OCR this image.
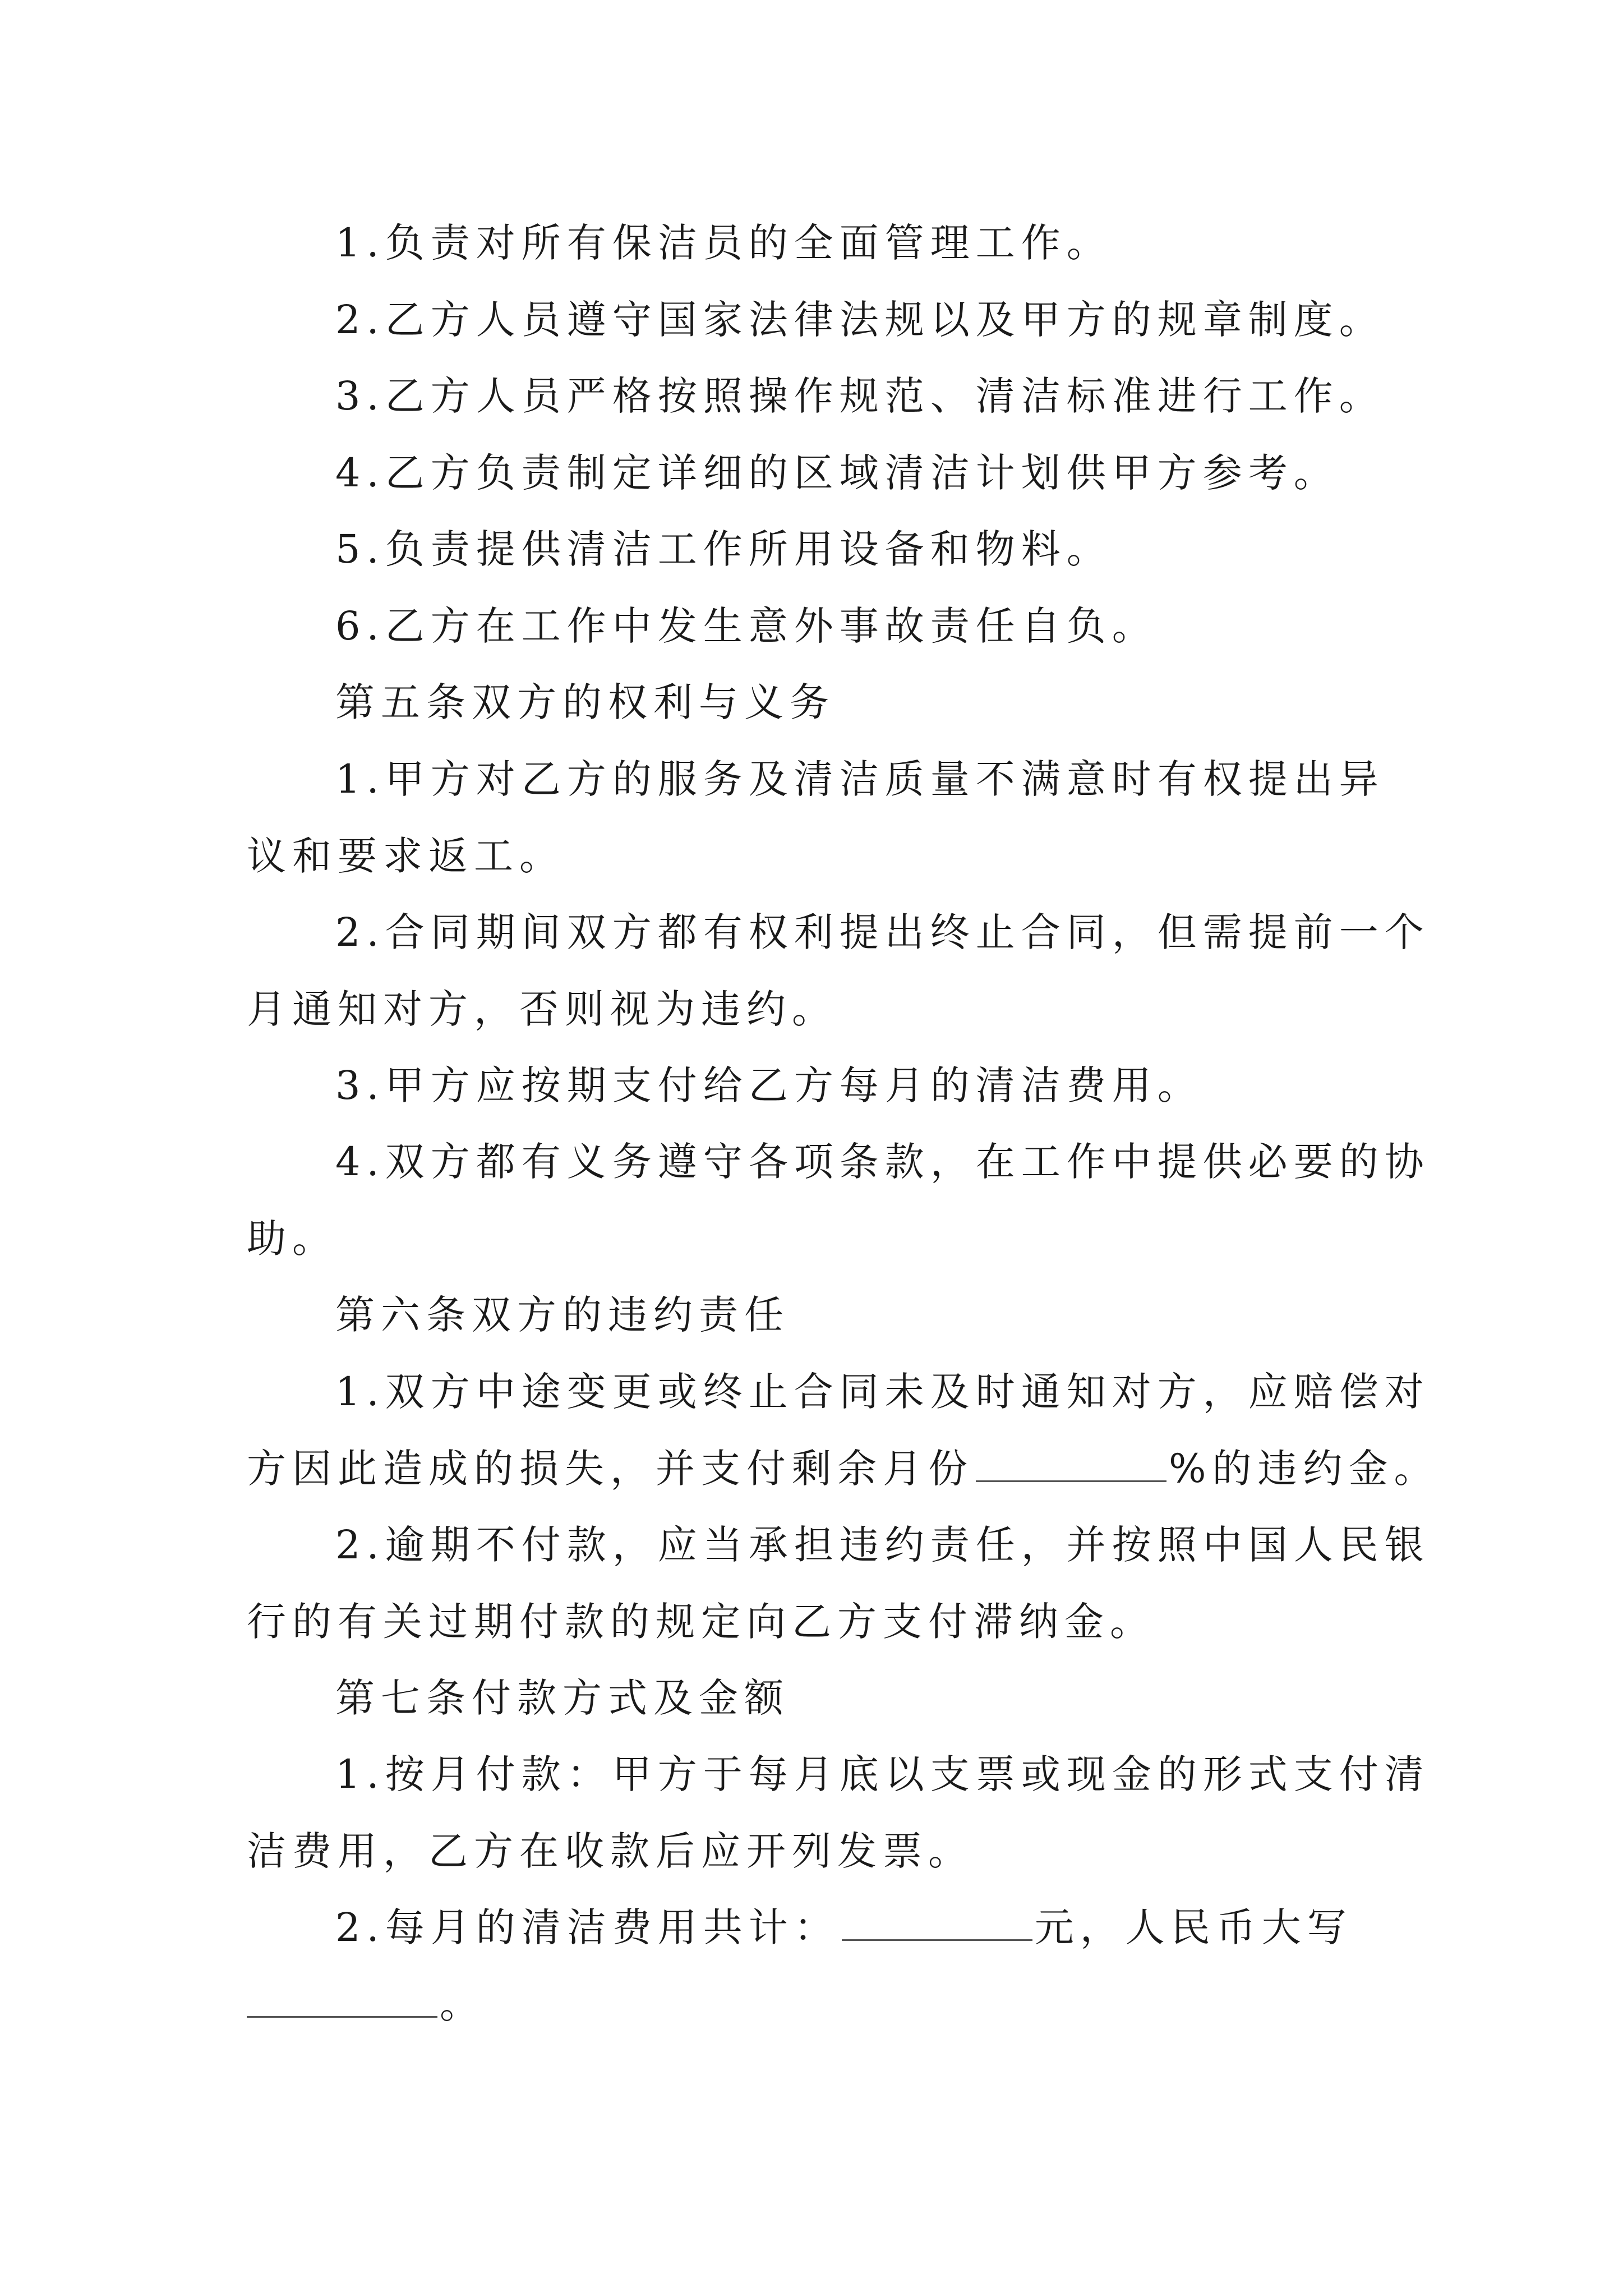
1.负责对所有保洁员的全面管理工作。

2.乙方人员遵守国家法律法规以及甲方的规章制度。

3.乙方人员严格按照操作规范、清洁标准进行工作。

4.乙方负责制定详细的区域清洁计划供甲方参考。

5.负责提供清洁工作所用设备和物料。

6.乙方在工作中发生意外事故责任自负。

第五条双方的权利与义务

1.甲方对乙方的服务及清洁质量不满意时有权提出异
议和要求返工。

2.合同期间双方都有权利提出终止合同，但需提前一个
月通知对方，否则视为违约。

3.甲方应按期支付给乙方每月的清洁费用。

4.双方都有义务遵守各项条款，在工作中提供必要的协
助。

第六条双方的违约责任

1.双方中途变更或终止合同未及时通知对方，应赔偿对
方因此造成的损失，并支付剩余月份	%的违约金。

2.逾期不付款，应当承担违约责任，并按照中国人民银
行的有关过期付款的规定向乙方支付滞纳金。

第七条付款方式及金额

1.按月付款：甲方于每月底以支票或现金的形式支付清
洁费用，乙方在收款后应开列发票。

2.每月的清洁费用共计：	元，人民币大写
。
